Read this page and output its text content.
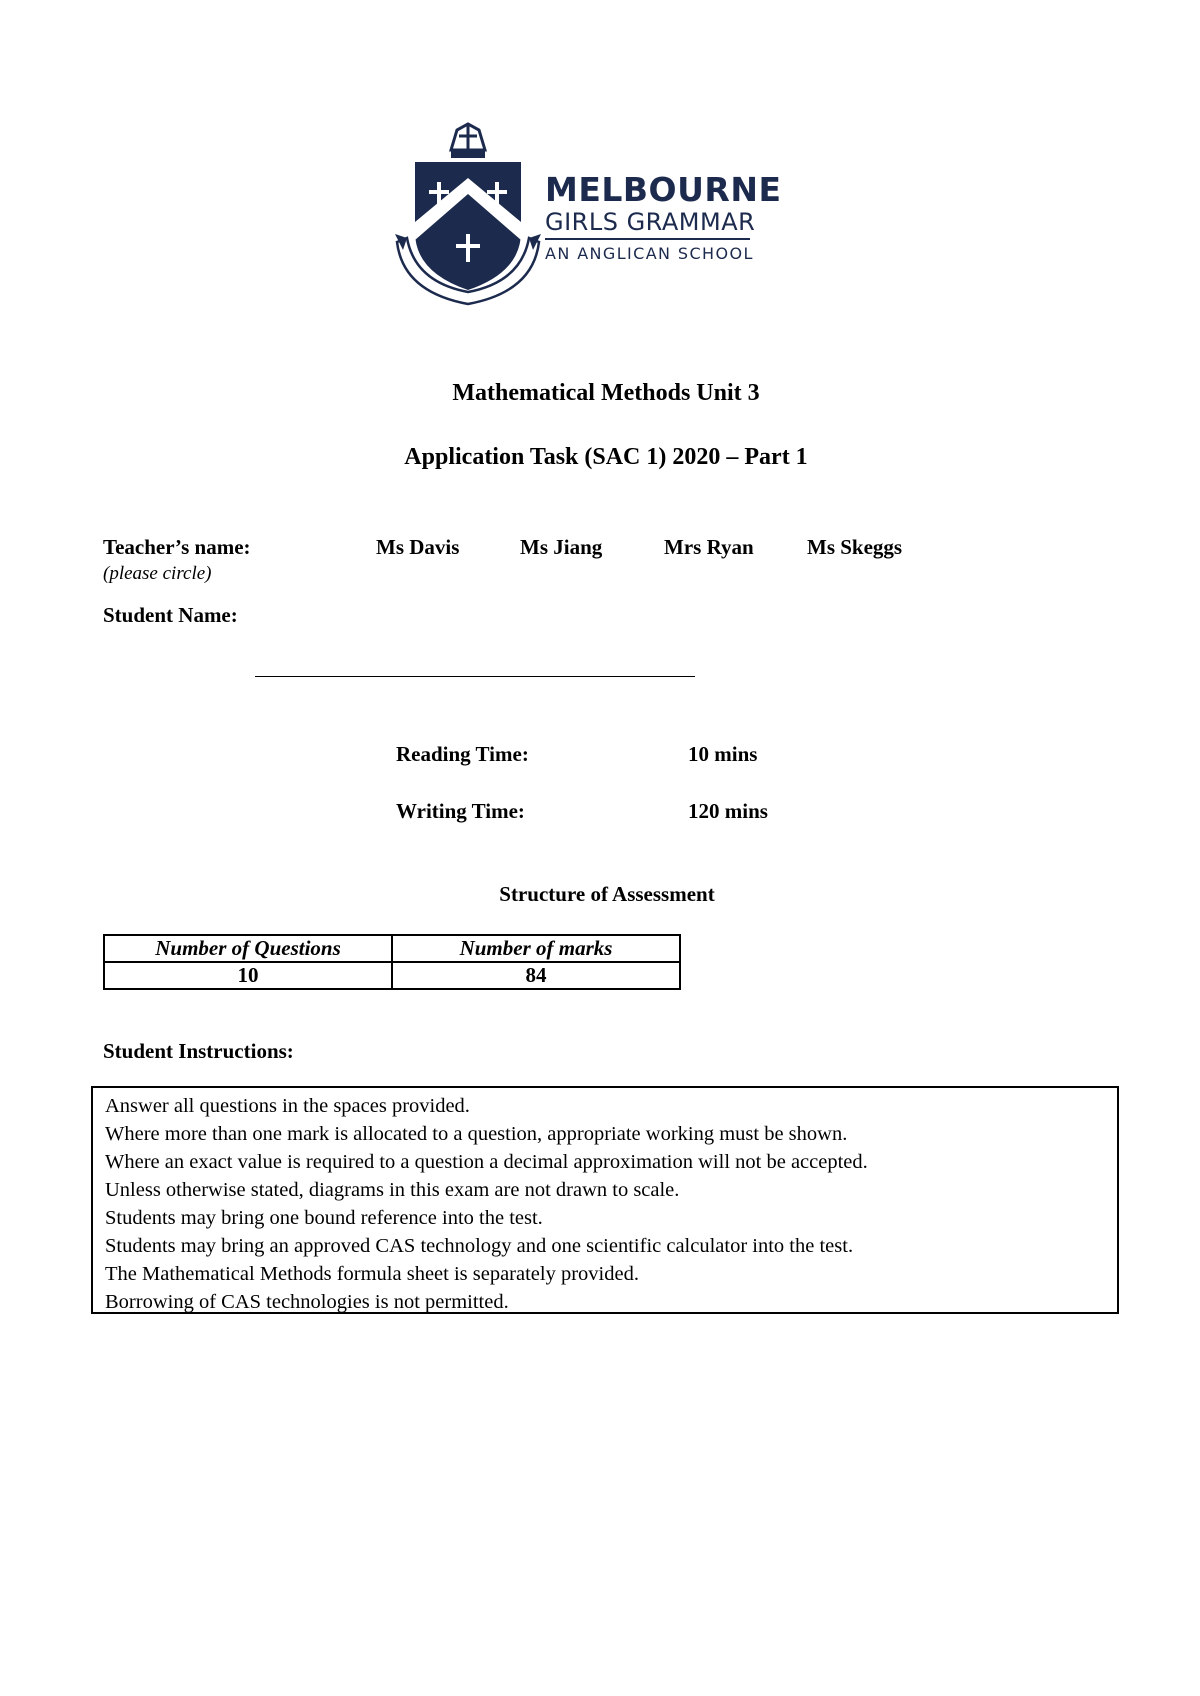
MELBOURNE
GIRLS GRAMMAR
AN ANGLICAN SCHOOL
Mathematical Methods Unit 3
Application Task (SAC 1) 2020 – Part 1
Teacher’s name:
(please circle)
Ms Davis	Ms Jiang	Mrs Ryan	Ms Skeggs
Student Name:
Reading Time:	10 mins
Writing Time:	120 mins
Structure of Assessment
Number of Questions	Number of marks
10	84
Student Instructions:
Answer all questions in the spaces provided.
Where more than one mark is allocated to a question, appropriate working must be shown.
Where an exact value is required to a question a decimal approximation will not be accepted.
Unless otherwise stated, diagrams in this exam are not drawn to scale.
Students may bring one bound reference into the test.
Students may bring an approved CAS technology and one scientific calculator into the test.
The Mathematical Methods formula sheet is separately provided.
Borrowing of CAS technologies is not permitted.
